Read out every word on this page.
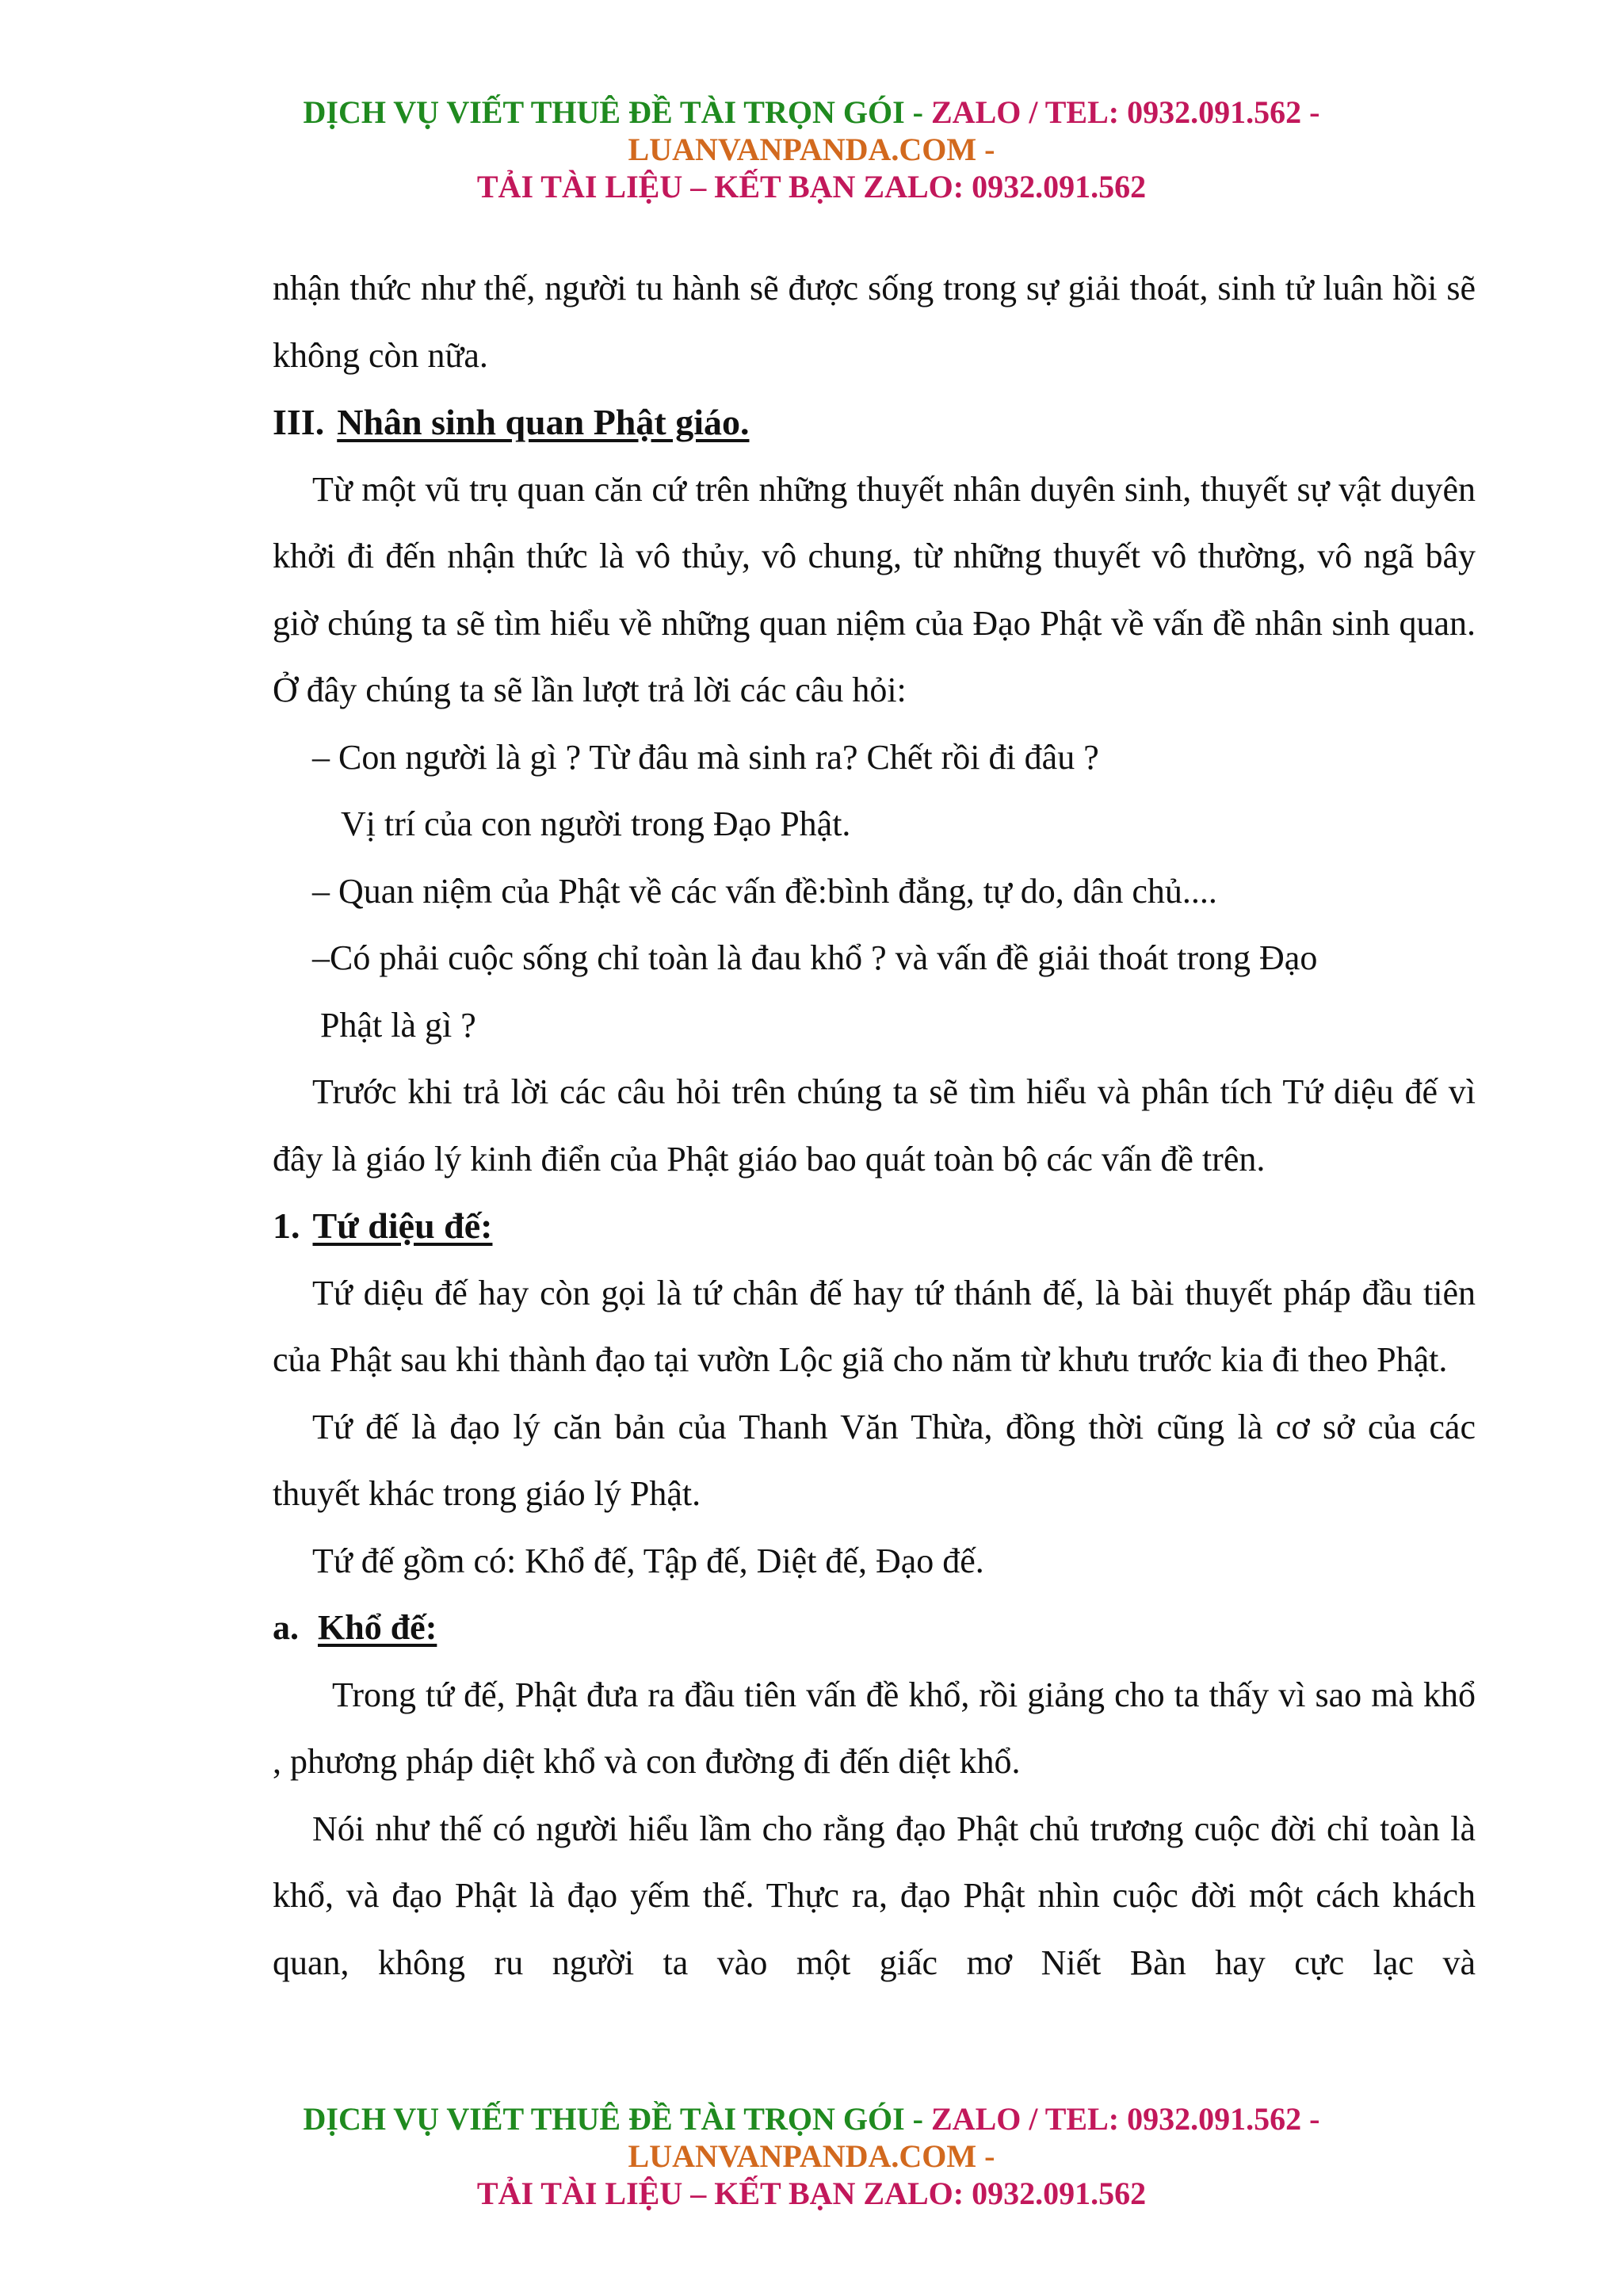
DỊCH VỤ VIẾT THUÊ ĐỀ TÀI TRỌN GÓI - ZALO / TEL: 0932.091.562 -
LUANVANPANDA.COM -
TẢI TÀI LIỆU – KẾT BẠN ZALO: 0932.091.562

nhận thức như thế, người tu hành sẽ được sống trong sự giải thoát, sinh tử luân hồi sẽ không còn nữa.

III. Nhân sinh quan Phật giáo.

Từ một vũ trụ quan căn cứ trên những thuyết nhân duyên sinh, thuyết sự vật duyên khởi đi đến nhận thức là vô thủy, vô chung, từ những thuyết vô thường, vô ngã bây giờ chúng ta sẽ tìm hiểu về những quan niệm của Đạo Phật về vấn đề nhân sinh quan. Ở đây chúng ta sẽ lần lượt trả lời các câu hỏi:

– Con người là gì ? Từ đâu mà sinh ra? Chết rồi đi đâu ?

Vị trí của con người trong Đạo Phật.

– Quan niệm của Phật về các vấn đề:bình đẳng, tự do, dân chủ....

–Có phải cuộc sống chỉ toàn là đau khổ ? và vấn đề giải thoát trong Đạo

Phật là gì ?

Trước khi trả lời các câu hỏi trên chúng ta sẽ tìm hiểu và phân tích Tứ diệu đế vì đây là giáo lý kinh điển của Phật giáo bao quát toàn bộ các vấn đề trên.

1. Tứ diệu đế:

Tứ diệu đế hay còn gọi là tứ chân đế hay tứ thánh đế, là bài thuyết pháp đầu tiên của Phật sau khi thành đạo tại vườn Lộc giã cho năm từ khưu trước kia đi theo Phật.

Tứ đế là đạo lý căn bản của Thanh Văn Thừa, đồng thời cũng là cơ sở của các thuyết khác trong giáo lý Phật.

Tứ đế gồm có: Khổ đế, Tập đế, Diệt đế, Đạo đế.

a. Khổ đế:

Trong tứ đế, Phật đưa ra đầu tiên vấn đề khổ, rồi giảng cho ta thấy vì sao mà khổ , phương pháp diệt khổ và con đường đi đến diệt khổ.

Nói như thế có người hiểu lầm cho rằng đạo Phật chủ trương cuộc đời chỉ toàn là khổ, và đạo Phật là đạo yếm thế. Thực ra, đạo Phật nhìn cuộc đời một cách khách quan, không ru người ta vào một giấc mơ Niết Bàn hay cực lạc và

DỊCH VỤ VIẾT THUÊ ĐỀ TÀI TRỌN GÓI - ZALO / TEL: 0932.091.562 -
LUANVANPANDA.COM -
TẢI TÀI LIỆU – KẾT BẠN ZALO: 0932.091.562
